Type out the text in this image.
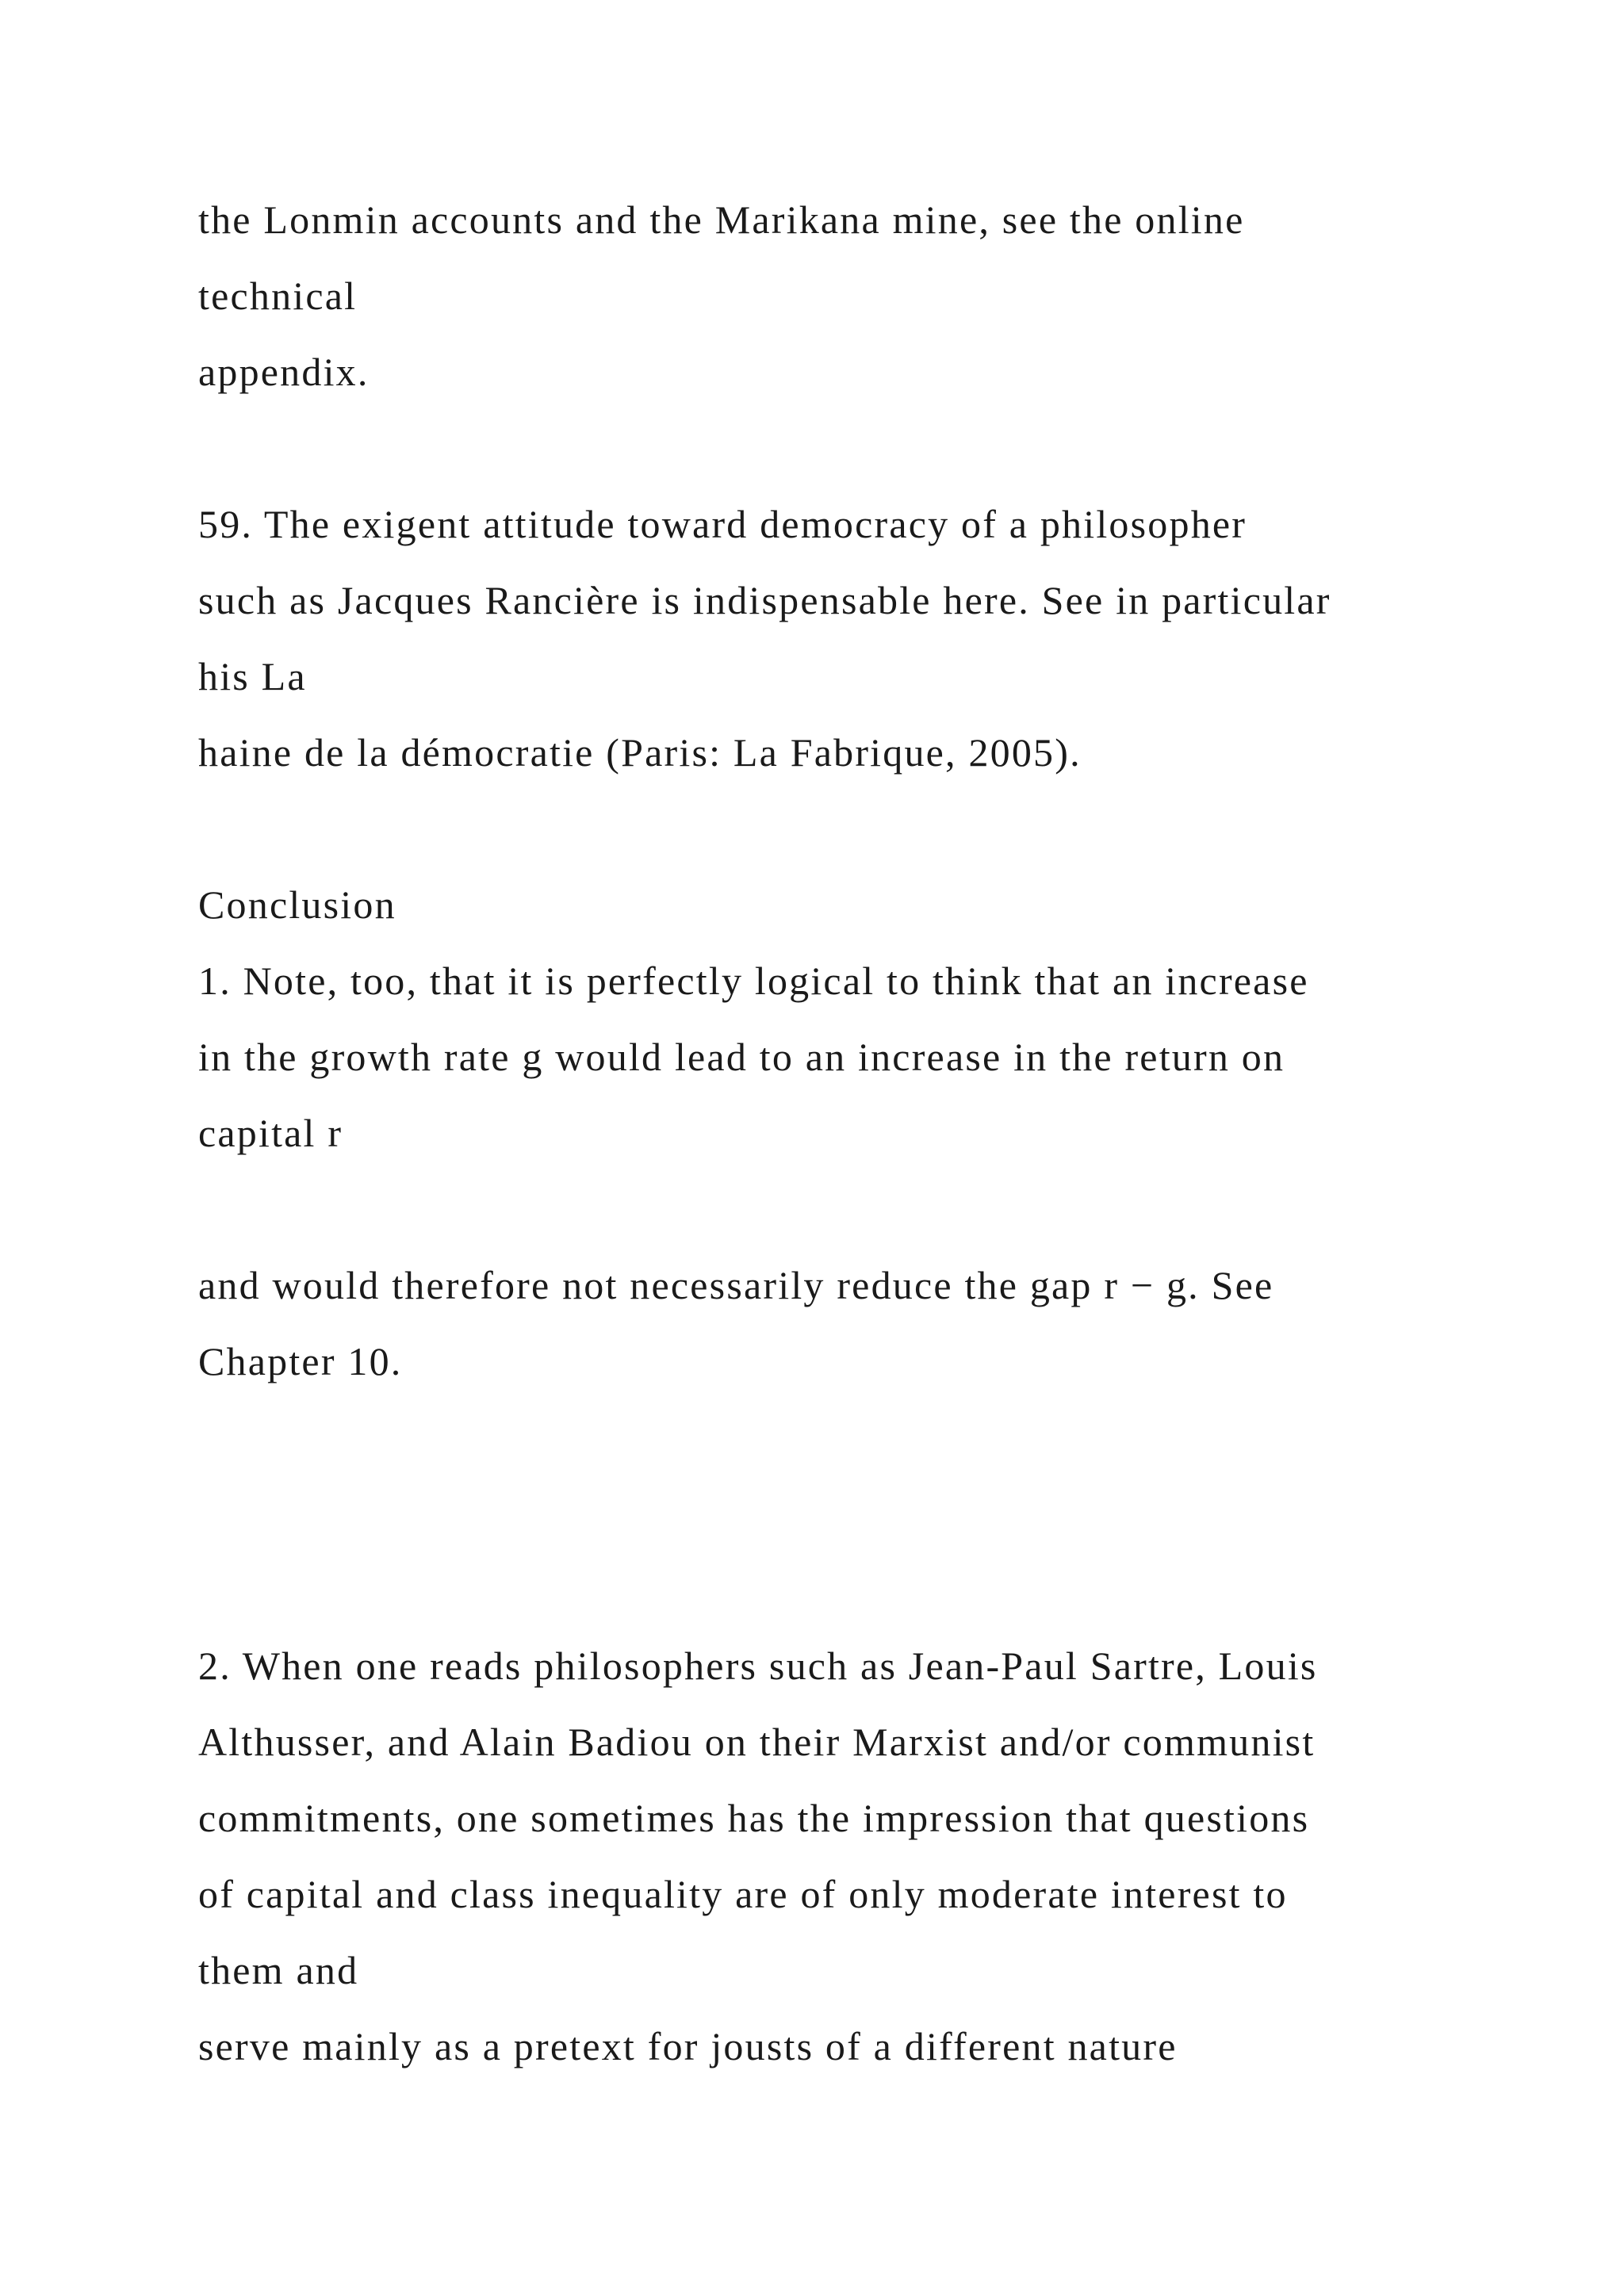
the Lonmin accounts and the Marikana mine, see the online
technical
appendix.
59. The exigent attitude toward democracy of a philosopher
such as Jacques Rancière is indispensable here. See in particular
his La
haine de la démocratie (Paris: La Fabrique, 2005).
Conclusion
1. Note, too, that it is perfectly logical to think that an increase
in the growth rate g would lead to an increase in the return on
capital r
and would therefore not necessarily reduce the gap r − g. See
Chapter 10.
2. When one reads philosophers such as Jean-Paul Sartre, Louis
Althusser, and Alain Badiou on their Marxist and/or communist
commitments, one sometimes has the impression that questions
of capital and class inequality are of only moderate interest to
them and
serve mainly as a pretext for jousts of a different nature
